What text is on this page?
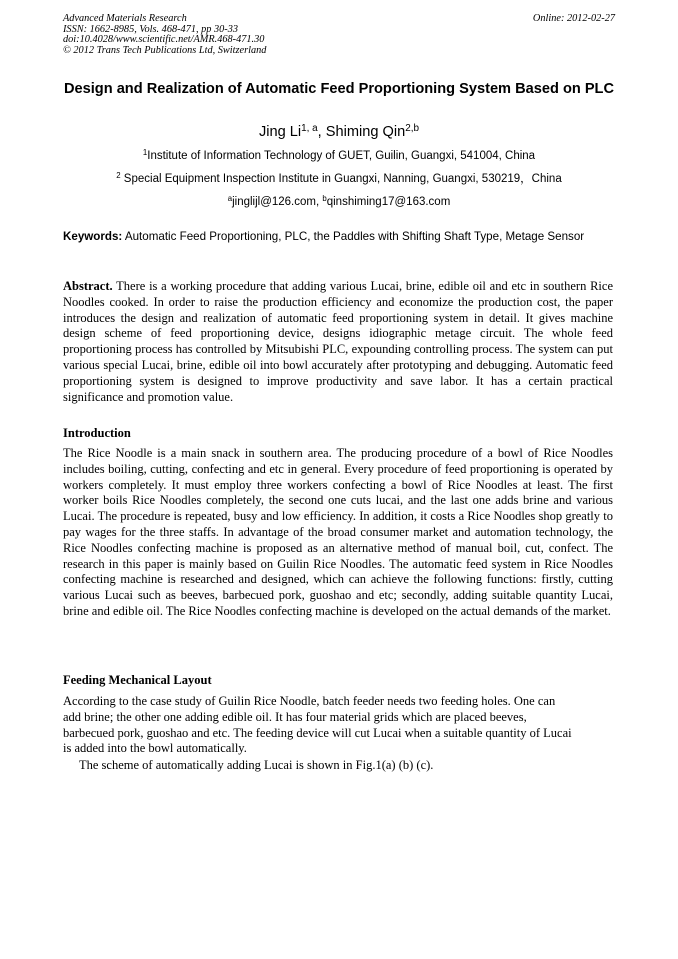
Advanced Materials Research
ISSN: 1662-8985, Vols. 468-471, pp 30-33
doi:10.4028/www.scientific.net/AMR.468-471.30
© 2012 Trans Tech Publications Ltd, Switzerland
Online: 2012-02-27
Design and Realization of Automatic Feed Proportioning System Based on PLC
Jing Li$^{1, a}$, Shiming Qin$^{2,b}$
$^1$Institute of Information Technology of GUET, Guilin, Guangxi, 541004, China
$^2$ Special Equipment Inspection Institute in Guangxi, Nanning, Guangxi, 530219，China
$^a$jinglijl@126.com, $^b$qinshiming17@163.com
Keywords: Automatic Feed Proportioning, PLC, the Paddles with Shifting Shaft Type, Metage Sensor
Abstract. There is a working procedure that adding various Lucai, brine, edible oil and etc in southern Rice Noodles cooked. In order to raise the production efficiency and economize the production cost, the paper introduces the design and realization of automatic feed proportioning system in detail. It gives machine design scheme of feed proportioning device, designs idiographic metage circuit. The whole feed proportioning process has controlled by Mitsubishi PLC, expounding controlling process. The system can put various special Lucai, brine, edible oil into bowl accurately after prototyping and debugging. Automatic feed proportioning system is designed to improve productivity and save labor. It has a certain practical significance and promotion value.
Introduction
The Rice Noodle is a main snack in southern area. The producing procedure of a bowl of Rice Noodles includes boiling, cutting, confecting and etc in general. Every procedure of feed proportioning is operated by workers completely. It must employ three workers confecting a bowl of Rice Noodles at least. The first worker boils Rice Noodles completely, the second one cuts lucai, and the last one adds brine and various Lucai. The procedure is repeated, busy and low efficiency. In addition, it costs a Rice Noodles shop greatly to pay wages for the three staffs. In advantage of the broad consumer market and automation technology, the Rice Noodles confecting machine is proposed as an alternative method of manual boil, cut, confect. The research in this paper is mainly based on Guilin Rice Noodles. The automatic feed system in Rice Noodles confecting machine is researched and designed, which can achieve the following functions: firstly, cutting various Lucai such as beeves, barbecued pork, guoshao and etc; secondly, adding suitable quantity Lucai, brine and edible oil. The Rice Noodles confecting machine is developed on the actual demands of the market.
Feeding Mechanical Layout
According to the case study of Guilin Rice Noodle, batch feeder needs two feeding holes. One can
add brine; the other one adding edible oil. It has four material grids which are placed beeves,
barbecued pork, guoshao and etc. The feeding device will cut Lucai when a suitable quantity of Lucai
is added into the bowl automatically.
The scheme of automatically adding Lucai is shown in Fig.1(a) (b) (c).
